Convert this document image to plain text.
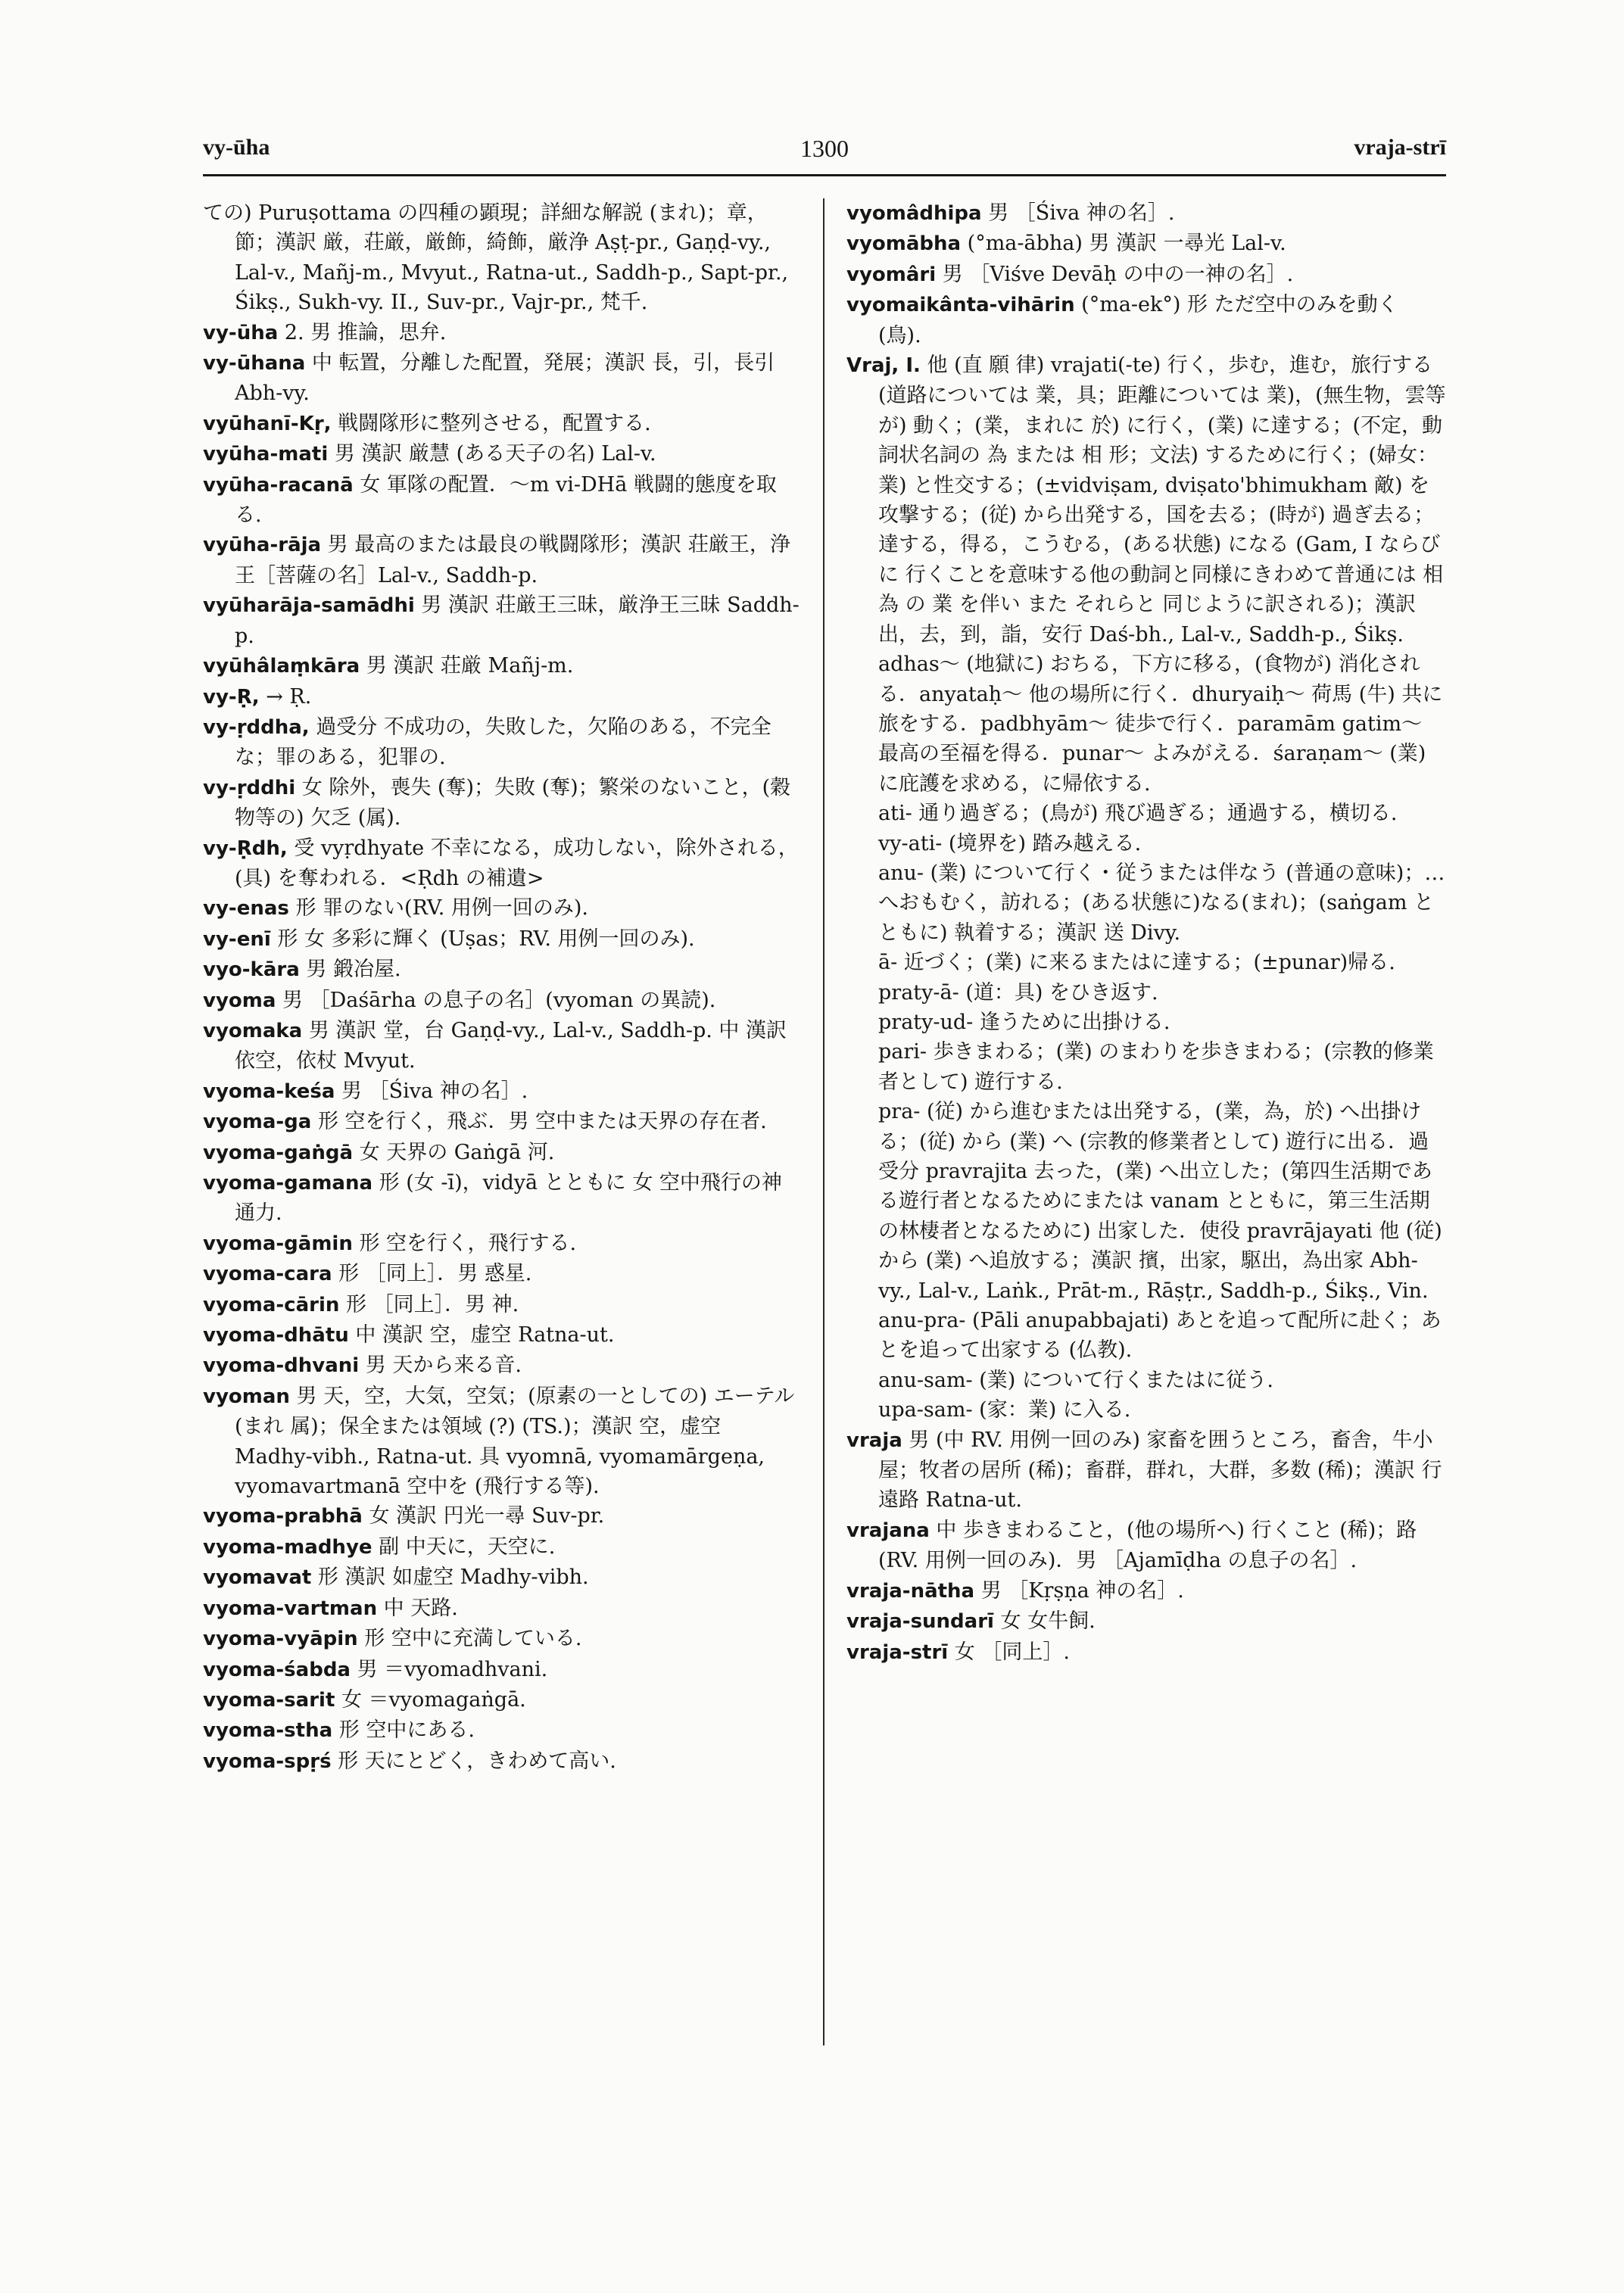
vy-ūha	1300	vraja-strī

ての) Puruṣottama の四種の顕現；詳細な解説 (まれ)；章，節；漢訳 厳，荘厳，厳飾，綺飾，厳浄 Aṣṭ-pr., Gaṇḍ-vy., Lal-v., Mañj-m., Mvyut., Ratna-ut., Saddh-p., Sapt-pr., Śikṣ., Sukh-vy. II., Suv-pr., Vajr-pr., 梵千.

vy-ūha 2. 男 推論，思弁.

vy-ūhana 中 転置，分離した配置，発展；漢訳 長，引，長引 Abh-vy.

vyūhanī-Kṛ, 戦闘隊形に整列させる，配置する.

vyūha-mati 男 漢訳 厳慧 (ある天子の名) Lal-v.

vyūha-racanā 女 軍隊の配置．～m vi-DHā 戦闘的態度を取る.

vyūha-rāja 男 最高のまたは最良の戦闘隊形；漢訳 荘厳王，浄王［菩薩の名］Lal-v., Saddh-p.

vyūharāja-samādhi 男 漢訳 荘厳王三昧，厳浄王三昧 Saddh-p.

vyūhâlaṃkāra 男 漢訳 荘厳 Mañj-m.

vy-Ṛ, → Ṛ.

vy-ṛddha, 過受分 不成功の，失敗した，欠陥のある，不完全な；罪のある，犯罪の.

vy-ṛddhi 女 除外，喪失 (奪)；失敗 (奪)；繁栄のないこと，(穀物等の) 欠乏 (属).

vy-Ṛdh, 受 vyṛdhyate 不幸になる，成功しない，除外される，(具) を奪われる．<Ṛdh の補遺>

vy-enas 形 罪のない(RV. 用例一回のみ).

vy-enī 形 女 多彩に輝く (Uṣas；RV. 用例一回のみ).

vyo-kāra 男 鍛冶屋.

vyoma 男 ［Daśārha の息子の名］(vyoman の異読).

vyomaka 男 漢訳 堂，台 Gaṇḍ-vy., Lal-v., Saddh-p. 中 漢訳 依空，依杖 Mvyut.

vyoma-keśa 男 ［Śiva 神の名］.

vyoma-ga 形 空を行く，飛ぶ．男 空中または天界の存在者.

vyoma-gaṅgā 女 天界の Gaṅgā 河.

vyoma-gamana 形 (女 -ī)，vidyā とともに 女 空中飛行の神通力.

vyoma-gāmin 形 空を行く，飛行する.

vyoma-cara 形 ［同上］．男 惑星.

vyoma-cārin 形 ［同上］．男 神.

vyoma-dhātu 中 漢訳 空，虚空 Ratna-ut.

vyoma-dhvani 男 天から来る音.

vyoman 男 天，空，大気，空気；(原素の一としての) エーテル (まれ 属)；保全または領域 (?) (TS.)；漢訳 空，虚空 Madhy-vibh., Ratna-ut. 具 vyomnā, vyomamārgeṇa, vyomavartmanā 空中を (飛行する等).

vyoma-prabhā 女 漢訳 円光一尋 Suv-pr.

vyoma-madhye 副 中天に，天空に.

vyomavat 形 漢訳 如虚空 Madhy-vibh.

vyoma-vartman 中 天路.

vyoma-vyāpin 形 空中に充満している.

vyoma-śabda 男 ＝vyomadhvani.

vyoma-sarit 女 ＝vyomagaṅgā.

vyoma-stha 形 空中にある.

vyoma-spṛś 形 天にとどく，きわめて高い.

vyomâdhipa 男 ［Śiva 神の名］.

vyomābha (°ma-ābha) 男 漢訳 一尋光 Lal-v.

vyomâri 男 ［Viśve Devāḥ の中の一神の名］.

vyomaikânta-vihārin (°ma-ek°) 形 ただ空中のみを動く (鳥).

Vraj, I. 他 (直 願 律) vrajati(-te) 行く，歩む，進む，旅行する(道路については 業，具；距離については 業)，(無生物，雲等が) 動く；(業，まれに 於) に行く，(業) に達する；(不定，動詞状名詞の 為 または 相 形；文法) するために行く；(婦女：業) と性交する；(±vidviṣam, dviṣato'bhimukham 敵) を攻撃する；(従) から出発する，国を去る；(時が) 過ぎ去る；達する，得る，こうむる，(ある状態) になる (Gam, I ならびに 行くことを意味する他の動詞と同様にきわめて普通には 相 為 の 業 を伴い また それらと 同じように訳される)；漢訳 出，去，到，詣，安行 Daś-bh., Lal-v., Saddh-p., Śikṣ. adhas～ (地獄に) おちる，下方に移る，(食物が) 消化される．anyataḥ～ 他の場所に行く．dhuryaiḥ～ 荷馬 (牛) 共に旅をする．padbhyām～ 徒歩で行く．paramām gatim～ 最高の至福を得る．punar～ よみがえる．śaraṇam～ (業) に庇護を求める，に帰依する.

ati- 通り過ぎる；(鳥が) 飛び過ぎる；通過する，横切る.

vy-ati- (境界を) 踏み越える.

anu- (業) について行く・従うまたは伴なう (普通の意味)；…へおもむく，訪れる；(ある状態に)なる(まれ)；(saṅgam とともに) 執着する；漢訳 送 Divy.

ā- 近づく；(業) に来るまたはに達する；(±punar)帰る.

praty-ā- (道：具) をひき返す.

praty-ud- 逢うために出掛ける.

pari- 歩きまわる；(業) のまわりを歩きまわる；(宗教的修業者として) 遊行する.

pra- (従) から進むまたは出発する，(業，為，於) へ出掛ける；(従) から (業) へ (宗教的修業者として) 遊行に出る．過受分 pravrajita 去った，(業) へ出立した；(第四生活期である遊行者となるためにまたは vanam とともに，第三生活期の林棲者となるために) 出家した．使役 pravrājayati 他 (従) から (業) へ追放する；漢訳 擯，出家，駆出，為出家 Abh-vy., Lal-v., Laṅk., Prāt-m., Rāṣṭr., Saddh-p., Śikṣ., Vin.

anu-pra- (Pāli anupabbajati) あとを追って配所に赴く；あとを追って出家する (仏教).

anu-sam- (業) について行くまたはに従う.

upa-sam- (家：業) に入る.

vraja 男 (中 RV. 用例一回のみ) 家畜を囲うところ，畜舎，牛小屋；牧者の居所 (稀)；畜群，群れ，大群，多数 (稀)；漢訳 行遠路 Ratna-ut.

vrajana 中 歩きまわること，(他の場所へ) 行くこと (稀)；路 (RV. 用例一回のみ)．男 ［Ajamīḍha の息子の名］.

vraja-nātha 男 ［Kṛṣṇa 神の名］.

vraja-sundarī 女 女牛飼.

vraja-strī 女 ［同上］.
